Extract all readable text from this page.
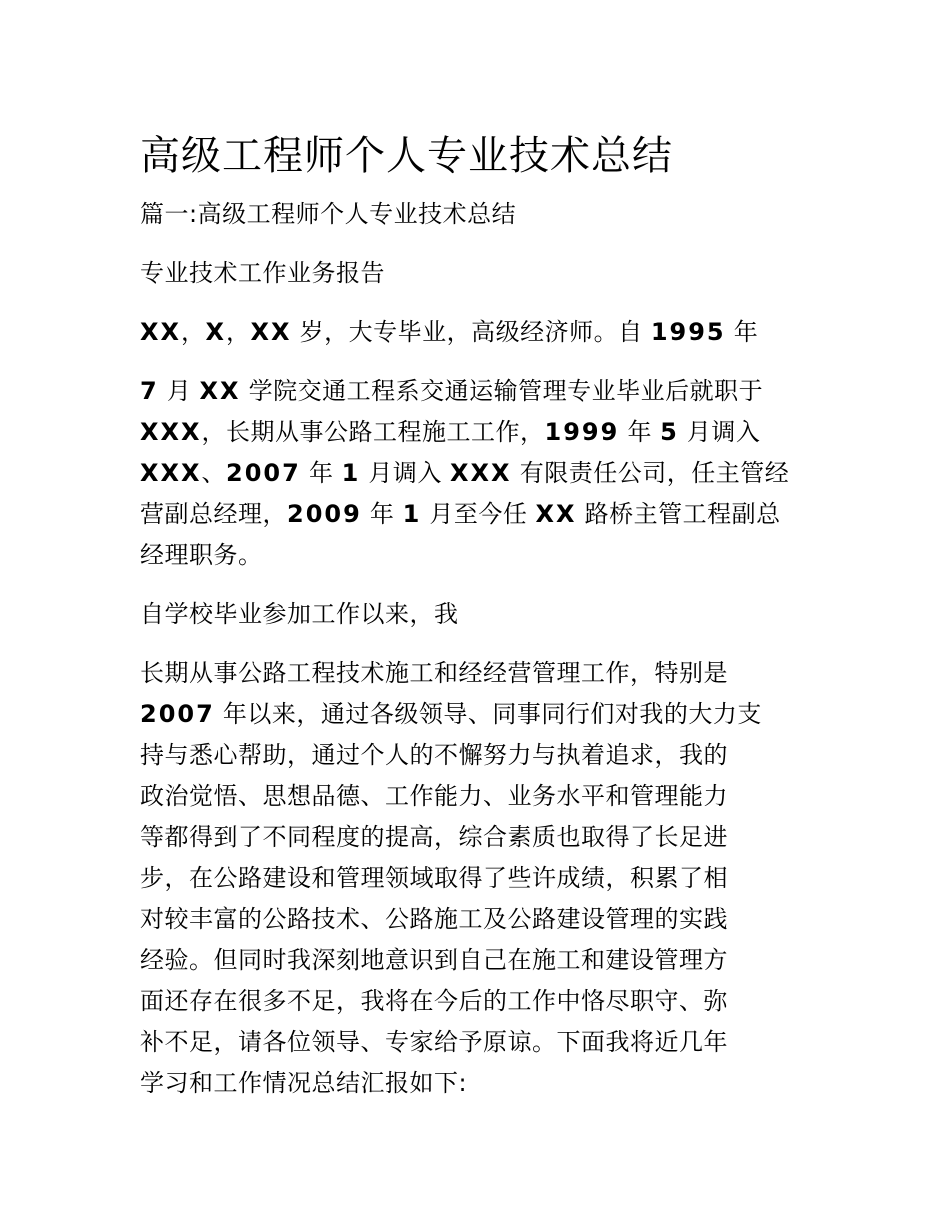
高级工程师个人专业技术总结
篇一:高级工程师个人专业技术总结
专业技术工作业务报告
XX，X，XX 岁，大专毕业，高级经济师。自 1995 年
7 月 XX 学院交通工程系交通运输管理专业毕业后就职于
XXX，长期从事公路工程施工工作，1999 年 5 月调入
XXX、2007 年 1 月调入 XXX 有限责任公司，任主管经
营副总经理，2009 年 1 月至今任 XX 路桥主管工程副总
经理职务。
自学校毕业参加工作以来，我
长期从事公路工程技术施工和经经营管理工作，特别是
2007 年以来，通过各级领导、同事同行们对我的大力支
持与悉心帮助，通过个人的不懈努力与执着追求，我的
政治觉悟、思想品德、工作能力、业务水平和管理能力
等都得到了不同程度的提高，综合素质也取得了长足进
步，在公路建设和管理领域取得了些许成绩，积累了相
对较丰富的公路技术、公路施工及公路建设管理的实践
经验。但同时我深刻地意识到自己在施工和建设管理方
面还存在很多不足，我将在今后的工作中恪尽职守、弥
补不足，请各位领导、专家给予原谅。下面我将近几年
学习和工作情况总结汇报如下:
